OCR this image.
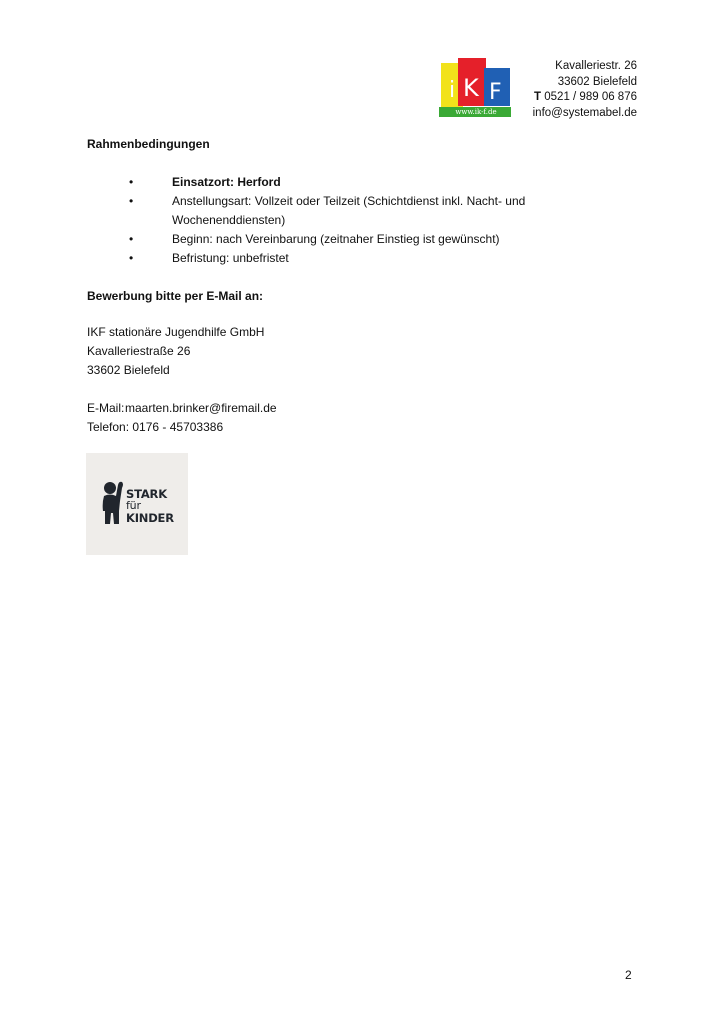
i K F
www.ik-f.de
Kavalleriestr. 26
33602 Bielefeld
T 0521 / 989 06 876
info@systemabel.de
Rahmenbedingungen
•	Einsatzort: Herford
•	Anstellungsart: Vollzeit oder Teilzeit (Schichtdienst inkl. Nacht- und Wochenenddiensten)
•	Beginn: nach Vereinbarung (zeitnaher Einstieg ist gewünscht)
•	Befristung: unbefristet
Bewerbung bitte per E-Mail an:
IKF stationäre Jugendhilfe GmbH
Kavalleriestraße 26
33602 Bielefeld
E-Mail:maarten.brinker@firemail.de
Telefon: 0176 - 45703386
STARK
für
KINDER
2
